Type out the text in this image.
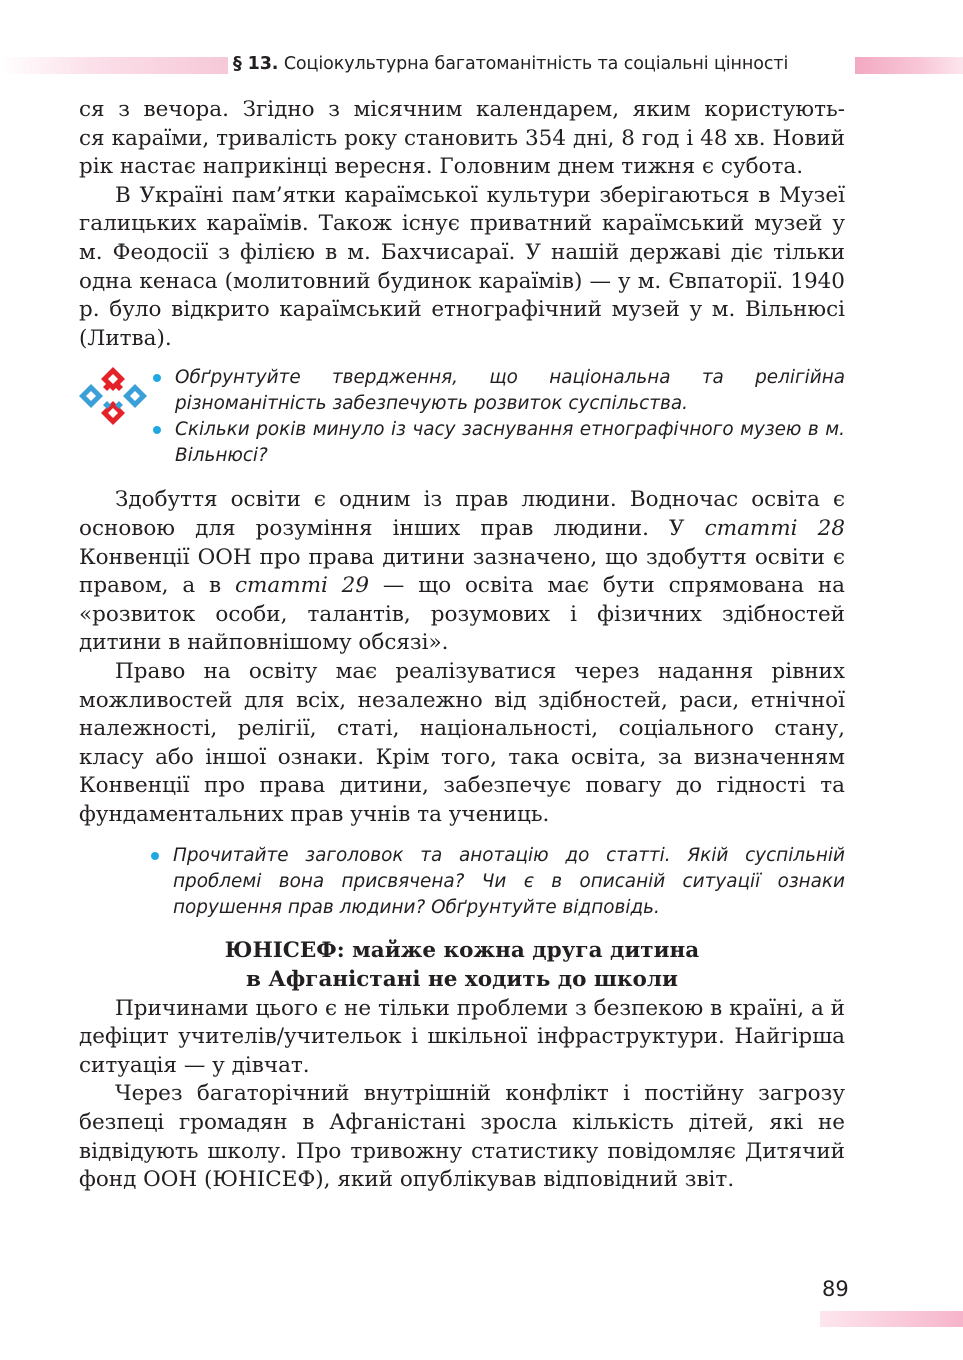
§ 13. Соціокультурна багатоманітність та соціальні цінності

ся з вечора. Згідно з місячним календарем, яким користують-

ся караїми, тривалість року становить 354 дні, 8 год і 48 хв. Новий рік настає наприкінці вересня. Головним днем тижня є субота.

В Україні пам’ятки караїмської культури зберігаються в Музеї галицьких караїмів. Також існує приватний караїмський музей у м. Феодосії з філією в м. Бахчисараї. У нашій державі діє тільки одна кенаса (молитовний будинок караїмів) — у м. Євпаторії. 1940 р. було відкрито караїмський етнографічний музей у м. Вільнюсі (Литва).

Обґрунтуйте твердження, що національна та релігійна різноманітність забезпечують розвиток суспільства.
Скільки років минуло із часу заснування етнографічного музею в м. Вільнюсі?

Здобуття освіти є одним із прав людини. Водночас освіта є основою для розуміння інших прав людини. У статті 28 Конвенції ООН про права дитини зазначено, що здобуття освіти є правом, а в статті 29 — що освіта має бути спрямована на «розвиток особи, талантів, розумових і фізичних здібностей дитини в найповнішому обсязі».

Право на освіту має реалізуватися через надання рівних можливостей для всіх, незалежно від здібностей, раси, етнічної належності, релігії, статі, національності, соціального стану, класу або іншої ознаки. Крім того, така освіта, за визначенням Конвенції про права дитини, забезпечує повагу до гідності та фундаментальних прав учнів та учениць.

Прочитайте заголовок та анотацію до статті. Якій суспільній проблемі вона присвячена? Чи є в описаній ситуації ознаки порушення прав людини? Обґрунтуйте відповідь.
ЮНІСЕФ: майже кожна друга дитина
в Афганістані не ходить до школи

Причинами цього є не тільки проблеми з безпекою в країні, а й дефіцит учителів/учительок і шкільної інфраструктури. Найгірша ситуація — у дівчат.

Через багаторічний внутрішній конфлікт і постійну загрозу безпеці громадян в Афганістані зросла кількість дітей, які не відвідують школу. Про тривожну статистику повідомляє Дитячий фонд ООН (ЮНІСЕФ), який опублікував відповідний звіт.

89
